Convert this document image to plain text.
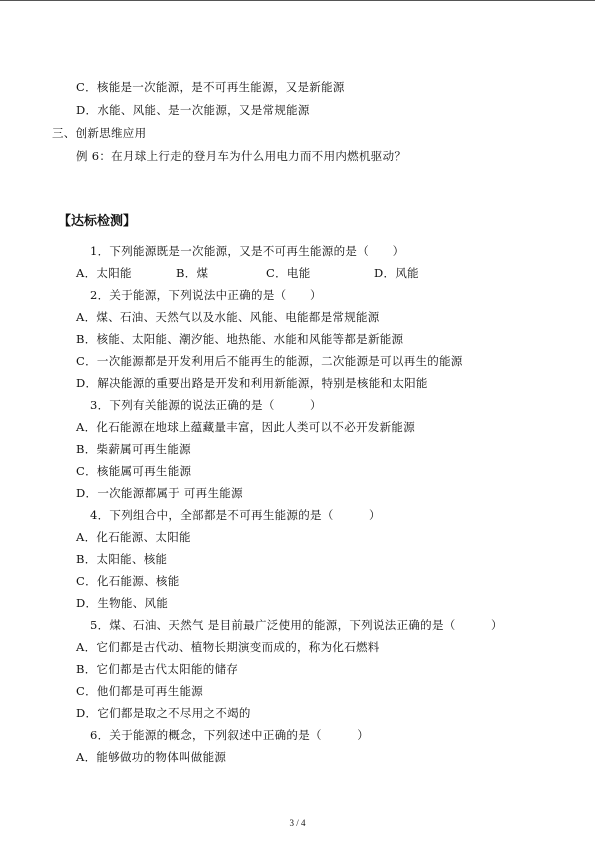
C．核能是一次能源，是不可再生能源，又是新能源
D．水能、风能、是一次能源，又是常规能源
三、创新思维应用
例 6：在月球上行走的登月车为什么用电力而不用内燃机驱动？
【达标检测】
1．下列能源既是一次能源，又是不可再生能源的是（　　）
A．太阳能	B．煤	C．电能	D．风能
2．关于能源，下列说法中正确的是（　　）
A．煤、石油、天然气以及水能、风能、电能都是常规能源
B．核能、太阳能、潮汐能、地热能、水能和风能等都是新能源
C．一次能源都是开发利用后不能再生的能源，二次能源是可以再生的能源
D．解决能源的重要出路是开发和利用新能源，特别是核能和太阳能
3．下列有关能源的说法正确的是（　　　）
A．化石能源在地球上蕴藏量丰富，因此人类可以不必开发新能源
B．柴薪属可再生能源
C．核能属可再生能源
D．一次能源都属于 可再生能源
4．下列组合中，全部都是不可再生能源的是（　　　）
A．化石能源、太阳能
B．太阳能、核能
C．化石能源、核能
D．生物能、风能
5．煤、石油、天然气 是目前最广泛使用的能源，下列说法正确的是（　　　）
A．它们都是古代动、植物长期演变而成的，称为化石燃料
B．它们都是古代太阳能的储存
C．他们都是可再生能源
D．它们都是取之不尽用之不竭的
6．关于能源的概念，下列叙述中正确的是（　　　）
A．能够做功的物体叫做能源
3 / 4
